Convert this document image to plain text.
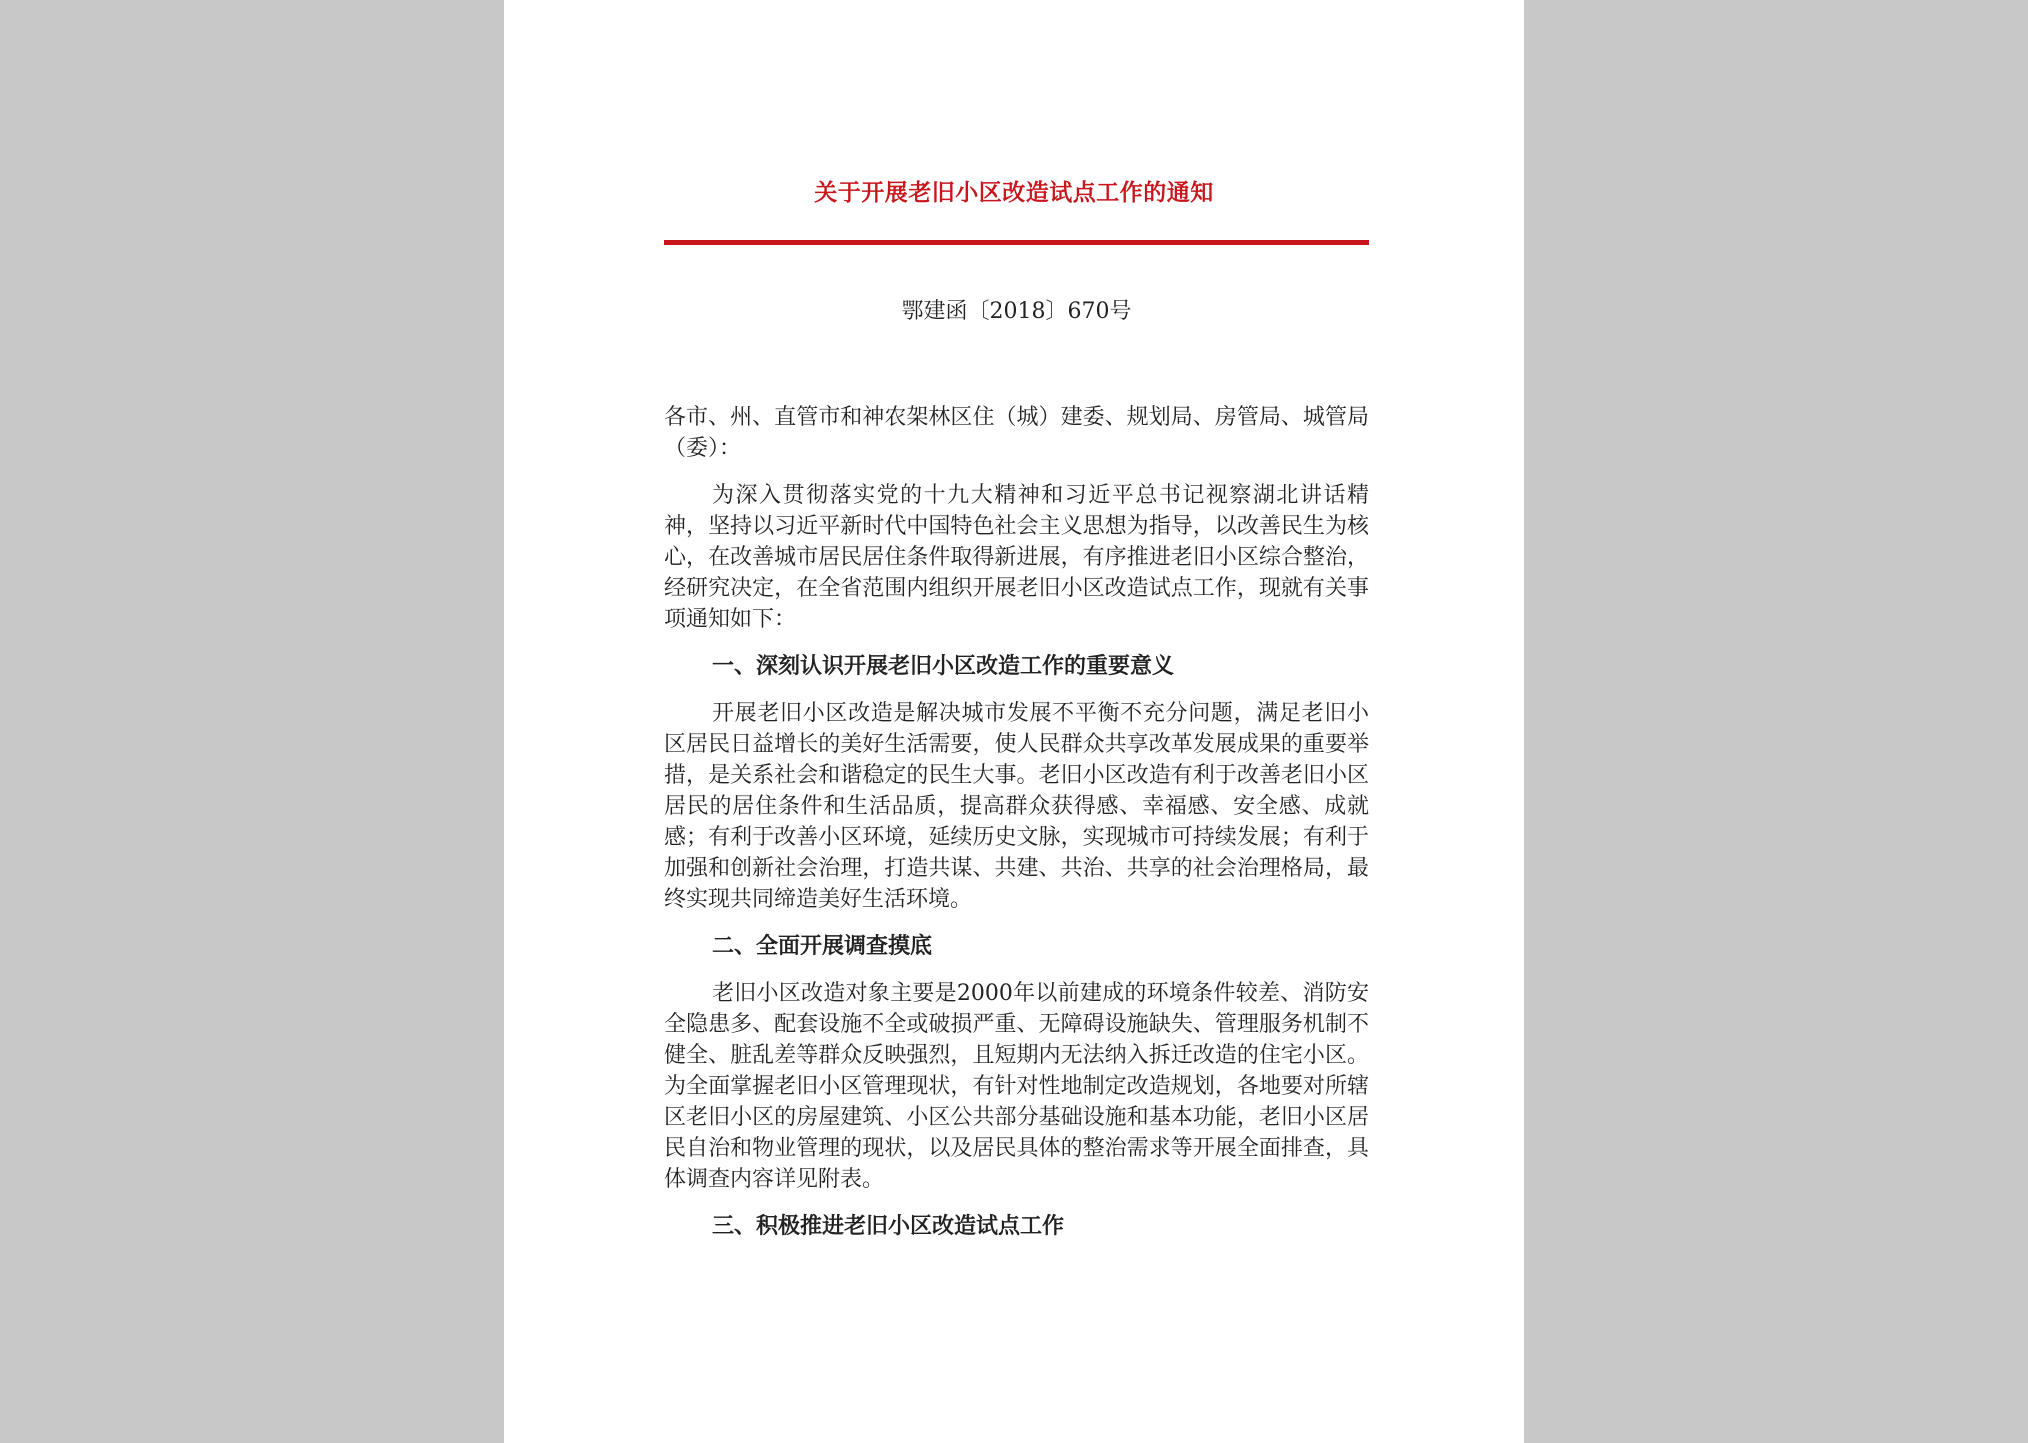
关于开展老旧小区改造试点工作的通知
鄂建函〔2018〕670号

各市、州、直管市和神农架林区住（城）建委、规划局、房管局、城管局（委）：

为深入贯彻落实党的十九大精神和习近平总书记视察湖北讲话精神，坚持以习近平新时代中国特色社会主义思想为指导，以改善民生为核心，在改善城市居民居住条件取得新进展，有序推进老旧小区综合整治，经研究决定，在全省范围内组织开展老旧小区改造试点工作，现就有关事项通知如下：

一、深刻认识开展老旧小区改造工作的重要意义

开展老旧小区改造是解决城市发展不平衡不充分问题，满足老旧小区居民日益增长的美好生活需要，使人民群众共享改革发展成果的重要举措，是关系社会和谐稳定的民生大事。老旧小区改造有利于改善老旧小区居民的居住条件和生活品质，提高群众获得感、幸福感、安全感、成就感；有利于改善小区环境，延续历史文脉，实现城市可持续发展；有利于加强和创新社会治理，打造共谋、共建、共治、共享的社会治理格局，最终实现共同缔造美好生活环境。

二、全面开展调查摸底

老旧小区改造对象主要是2000年以前建成的环境条件较差、消防安全隐患多、配套设施不全或破损严重、无障碍设施缺失、管理服务机制不健全、脏乱差等群众反映强烈，且短期内无法纳入拆迁改造的住宅小区。为全面掌握老旧小区管理现状，有针对性地制定改造规划，各地要对所辖区老旧小区的房屋建筑、小区公共部分基础设施和基本功能，老旧小区居民自治和物业管理的现状，以及居民具体的整治需求等开展全面排查，具体调查内容详见附表。

三、积极推进老旧小区改造试点工作
